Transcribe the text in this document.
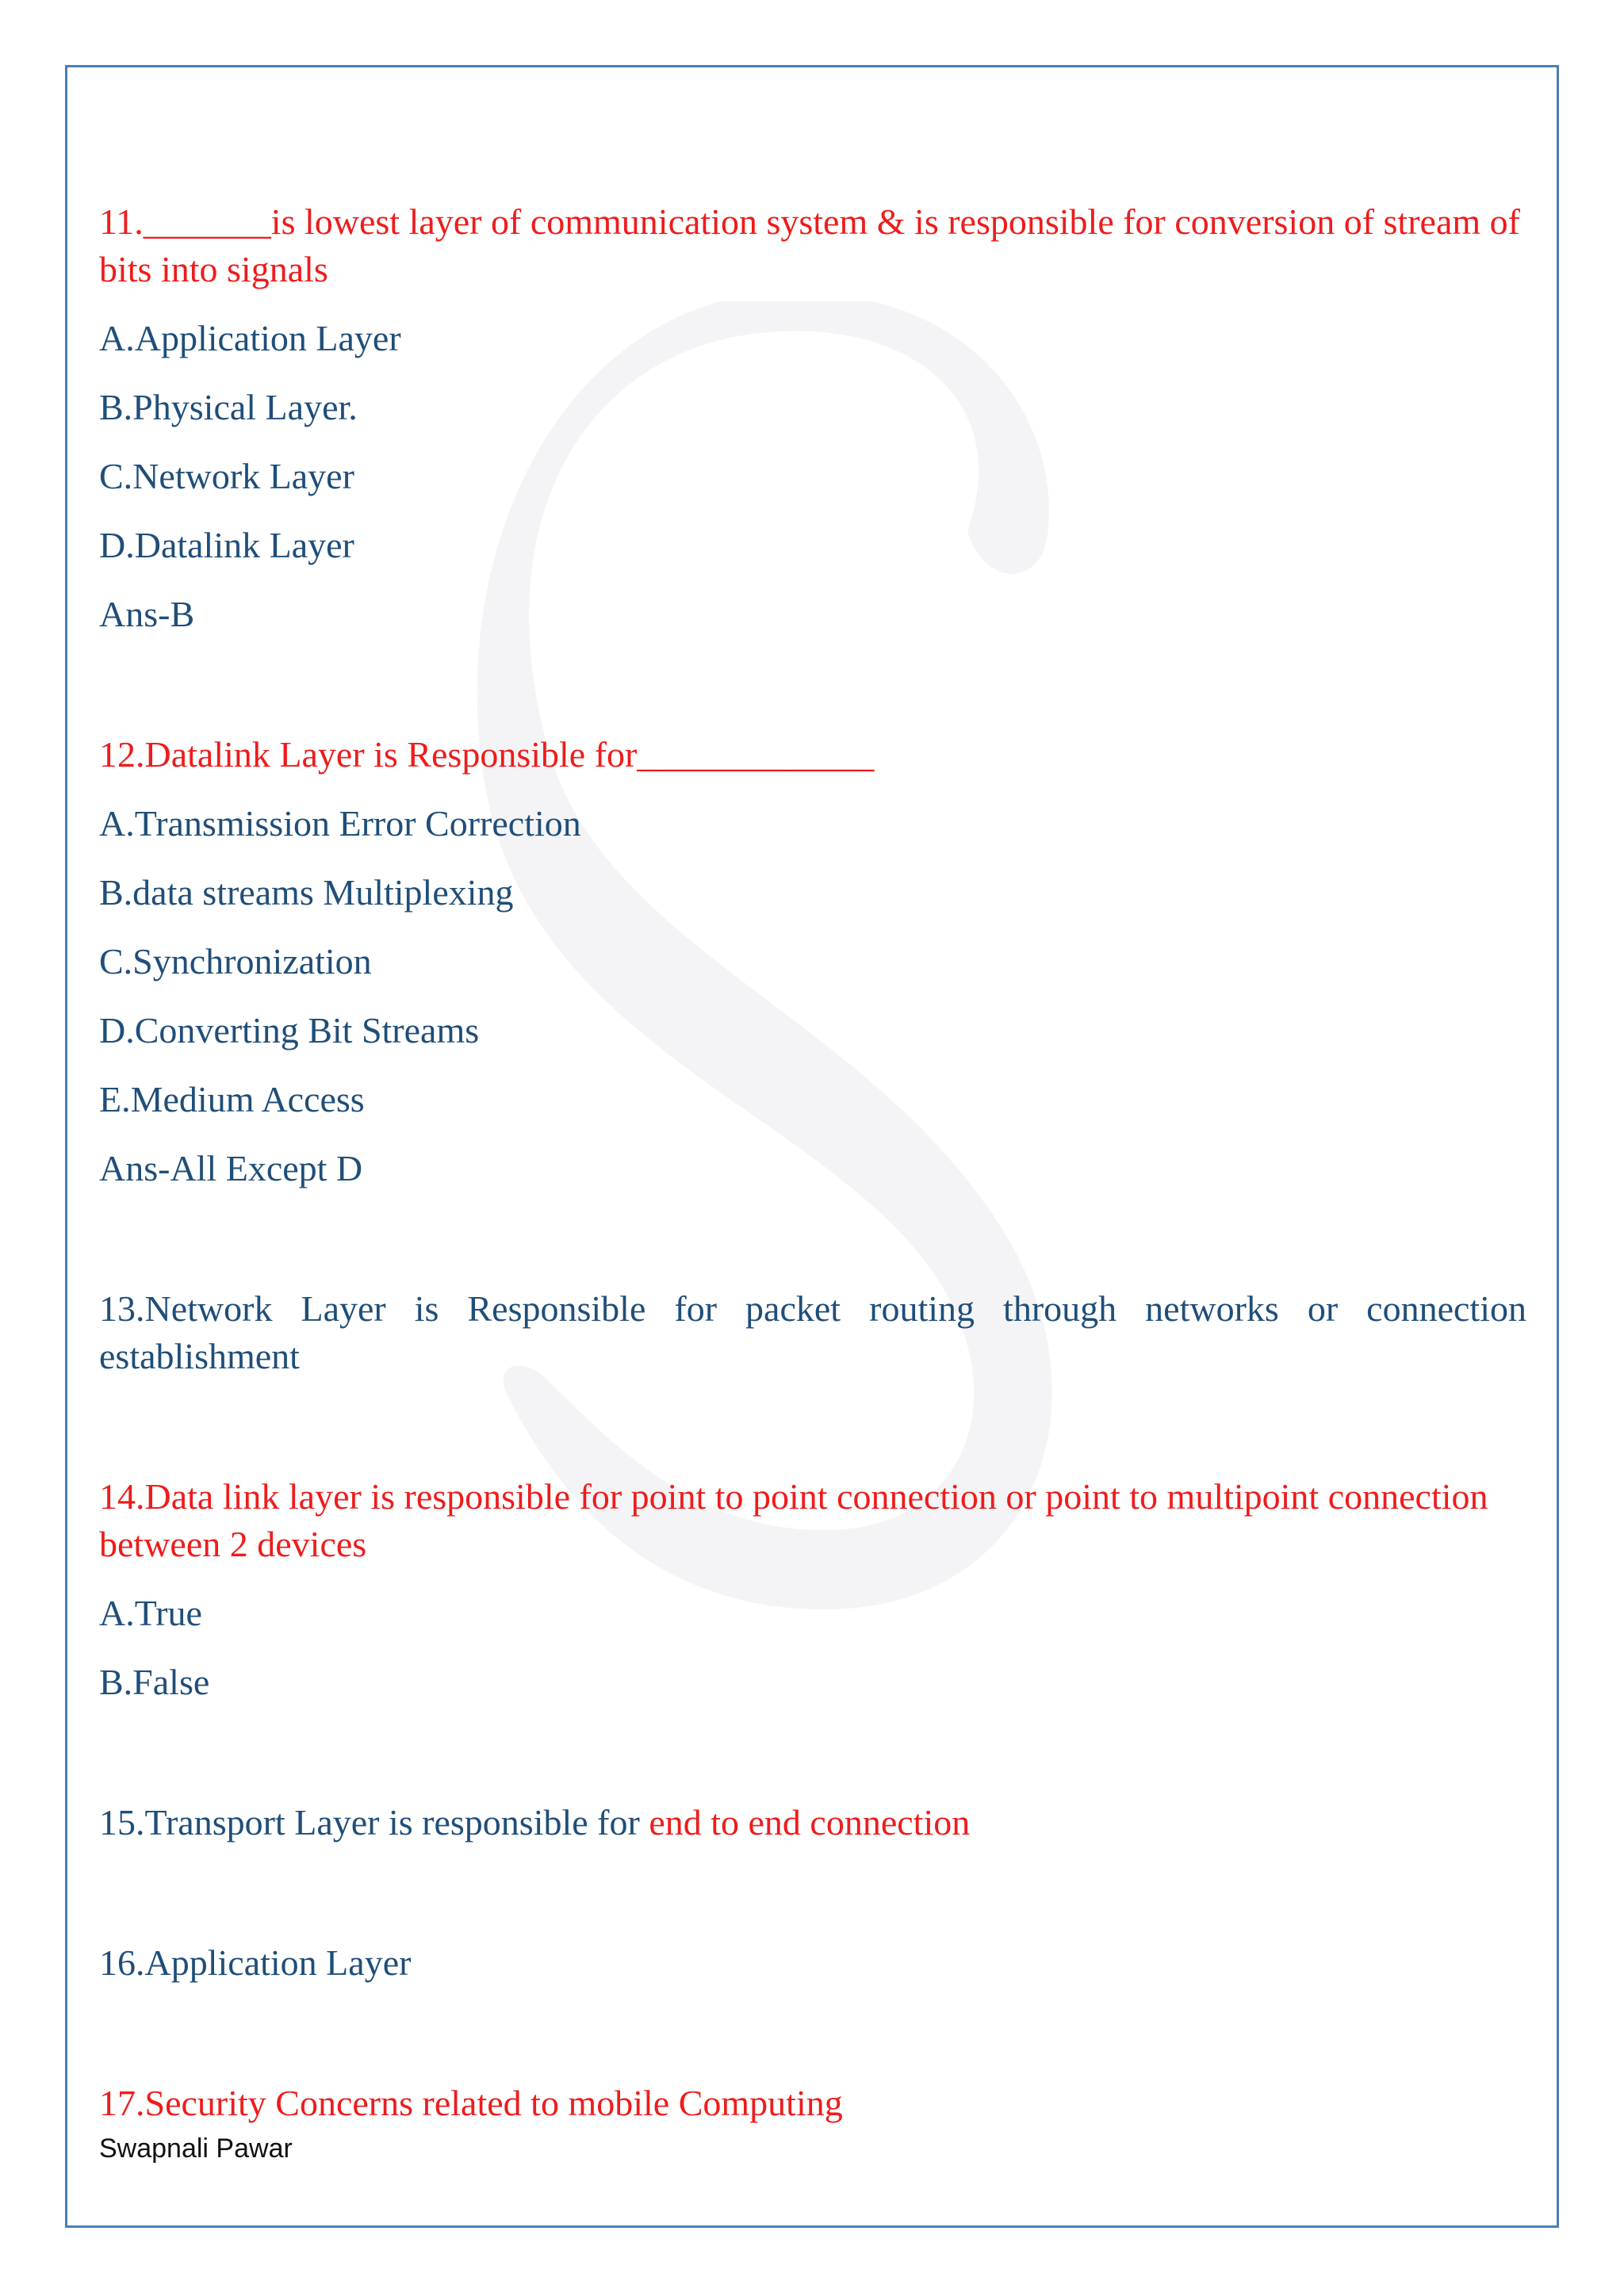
11._______is lowest layer of communication system & is responsible for conversion of stream of bits into signals

A.Application Layer
B.Physical Layer.
C.Network Layer
D.Datalink Layer
Ans-B

12.Datalink Layer is Responsible for_____________

A.Transmission Error Correction
B.data streams Multiplexing
C.Synchronization
D.Converting Bit Streams
E.Medium Access
Ans-All Except D

13.Network Layer is Responsible for packet routing through networks or connection establishment

14.Data link layer is responsible for point to point connection or point to multipoint connection between 2 devices

A.True
B.False

15.Transport Layer is responsible for end to end connection

16.Application Layer

17.Security Concerns related to mobile Computing

Swapnali Pawar
